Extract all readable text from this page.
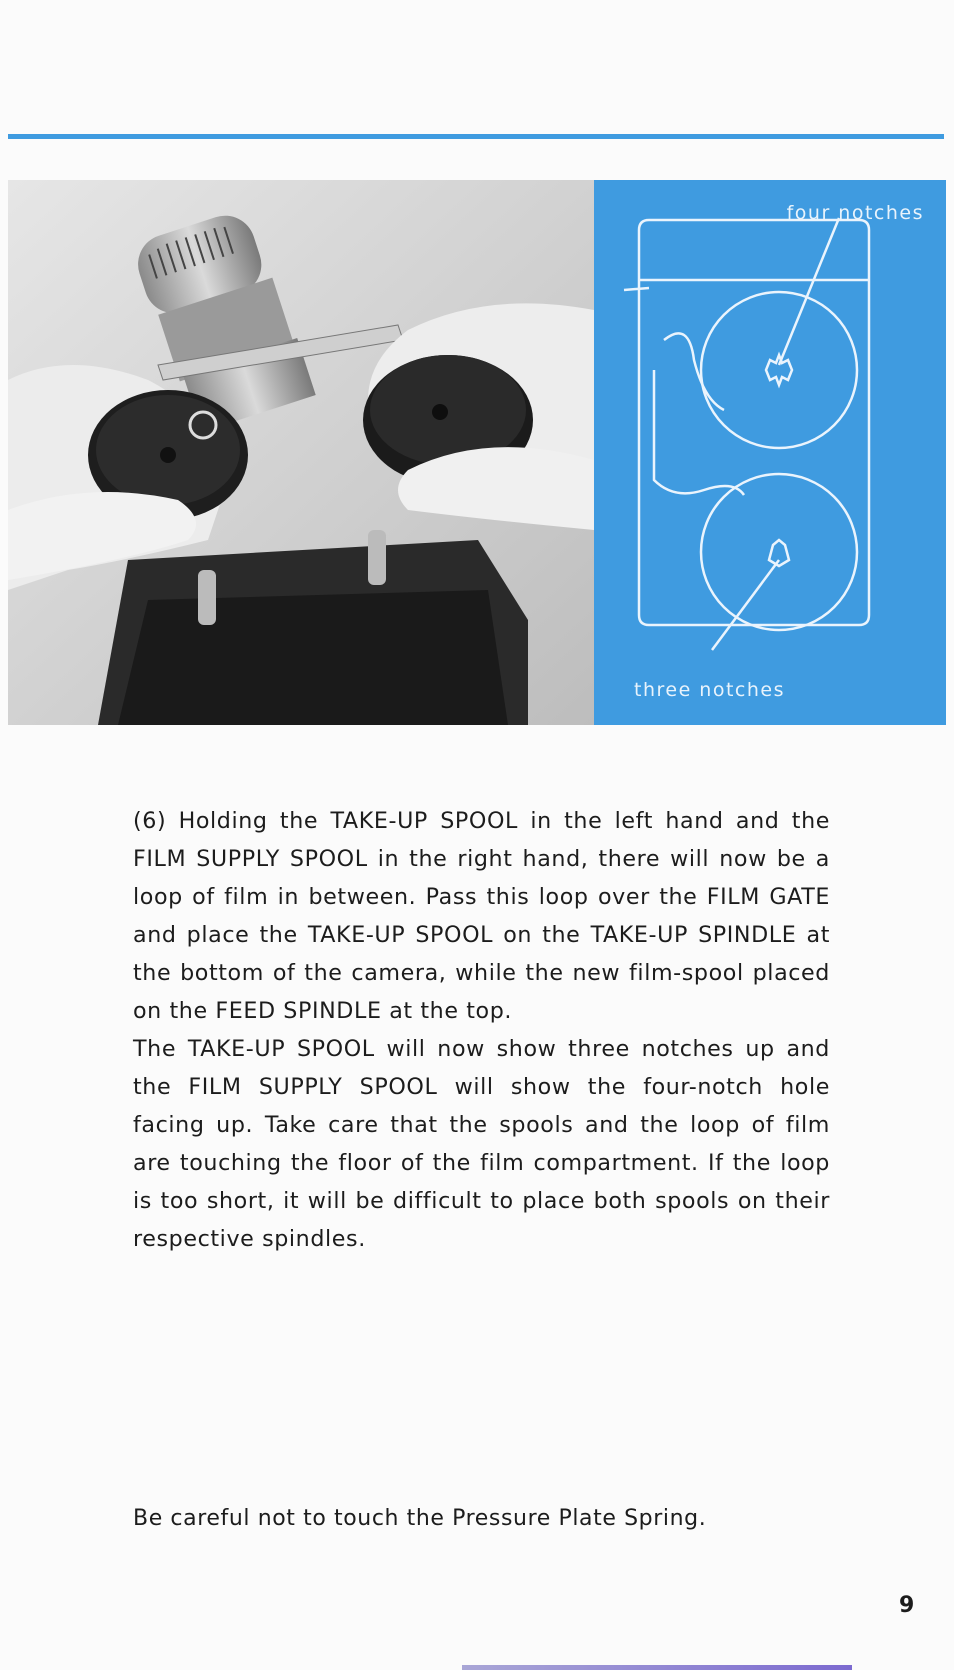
four notches
three notches

(6) Holding the TAKE-UP SPOOL in the left hand and the FILM SUPPLY SPOOL in the right hand, there will now be a loop of film in between. Pass this loop over the FILM GATE and place the TAKE-UP SPOOL on the TAKE-UP SPINDLE at the bottom of the camera, while the new film-spool placed on the FEED SPINDLE at the top.

The TAKE-UP SPOOL will now show three notches up and the FILM SUPPLY SPOOL will show the four-notch hole facing up. Take care that the spools and the loop of film are touching the floor of the film compartment. If the loop is too short, it will be difficult to place both spools on their respective spindles.

Be careful not to touch the Pressure Plate Spring.
9
